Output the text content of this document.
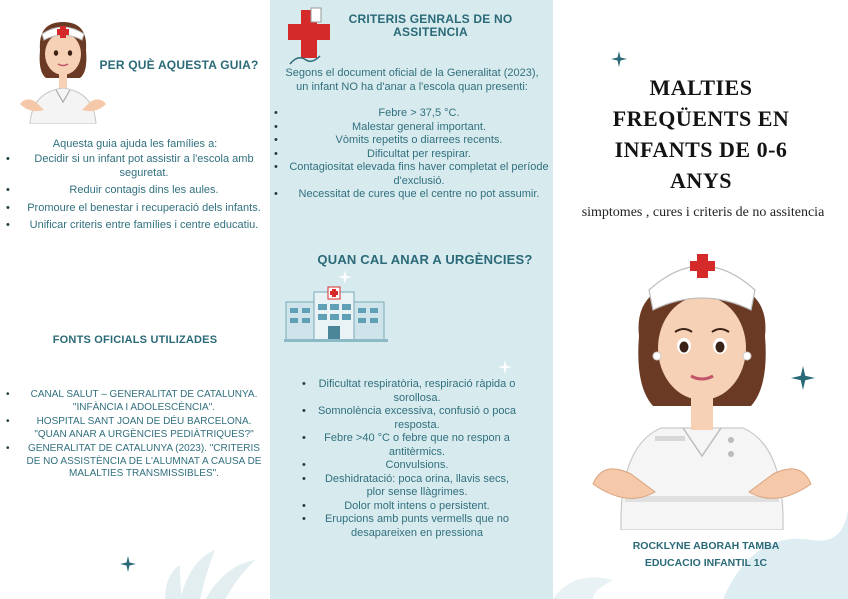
PER QUÈ AQUESTA GUIA?
Aquesta guia ajuda les famílies a:
• Decidir si un infant pot assistir a l'escola amb seguretat.
• Reduir contagis dins les aules.
• Promoure el benestar i recuperació dels infants.
• Unificar criteris entre famílies i centre educatiu.
FONTS OFICIALS UTILIZADES
• CANAL SALUT – GENERALITAT DE CATALUNYA. "INFÀNCIA I ADOLESCÈNCIA".
• HOSPITAL SANT JOAN DE DÉU BARCELONA. "QUAN ANAR A URGÈNCIES PEDIÀTRIQUES?"
• GENERALITAT DE CATALUNYA (2023). "CRITERIS DE NO ASSISTÈNCIA DE L'ALUMNAT A CAUSA DE MALALTIES TRANSMISSIBLES".
CRITERIS GENRALS DE NO ASSITENCIA
Segons el document oficial de la Generalitat (2023), un infant NO ha d'anar a l'escola quan presenti:
• Febre > 37,5 °C.
• Malestar general important.
• Vòmits repetits o diarrees recents.
• Dificultat per respirar.
• Contagiositat elevada fins haver completat el període d'exclusió.
• Necessitat de cures que el centre no pot assumir.
QUAN CAL ANAR A URGÈNCIES?
• Dificultat respiratòria, respiració ràpida o sorollosa.
• Somnolència excessiva, confusió o poca resposta.
• Febre >40 °C o febre que no respon a antitèrmics.
• Convulsions.
• Deshidratació: poca orina, llavis secs, plor sense llàgrimes.
• Dolor molt intens o persistent.
• Erupcions amb punts vermells que no desapareixen en pressiona
MALTIES
FREQÜENTS EN
INFANTS DE 0-6
ANYS
simptomes , cures i criteris de no assitencia
ROCKLYNE ABORAH TAMBA
EDUCACIO INFANTIL 1C
